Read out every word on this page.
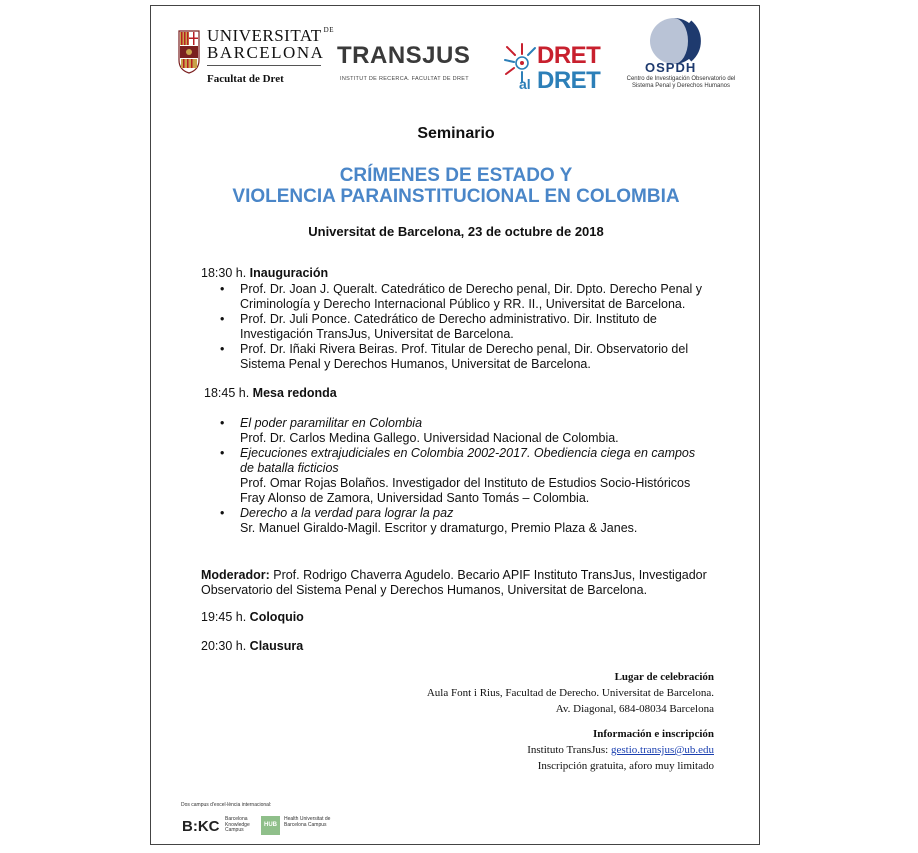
UNIVERSITAT $^{DE}$
BARCELONA
Facultat de Dret
TRANSJUS
INSTITUT DE RECERCA. FACULTAT DE DRET
DRET
al DRET	OSPDH
Centro de Investigación Observatorio del Sistema Penal y Derechos Humanos
Seminario
CRÍMENES DE ESTADO Y
VIOLENCIA PARAINSTITUCIONAL EN COLOMBIA
Universitat de Barcelona, 23 de octubre de 2018
18:30 h. Inauguración
• Prof. Dr. Joan J. Queralt. Catedrático de Derecho penal, Dir. Dpto. Derecho Penal y
Criminología y Derecho Internacional Público y RR. II., Universitat de Barcelona.
• Prof. Dr. Juli Ponce. Catedrático de Derecho administrativo. Dir. Instituto de
Investigación TransJus, Universitat de Barcelona.
• Prof. Dr. Iñaki Rivera Beiras. Prof. Titular de Derecho penal, Dir. Observatorio del
Sistema Penal y Derechos Humanos, Universitat de Barcelona.
18:45 h. Mesa redonda
• El poder paramilitar en Colombia
Prof. Dr. Carlos Medina Gallego. Universidad Nacional de Colombia.
• Ejecuciones extrajudiciales en Colombia 2002-2017. Obediencia ciega en campos
de batalla ficticios
Prof. Omar Rojas Bolaños. Investigador del Instituto de Estudios Socio-Históricos
Fray Alonso de Zamora, Universidad Santo Tomás – Colombia.
• Derecho a la verdad para lograr la paz
Sr. Manuel Giraldo-Magil. Escritor y dramaturgo, Premio Plaza & Janes.
Moderador: Prof. Rodrigo Chaverra Agudelo. Becario APIF Instituto TransJus, Investigador
Observatorio del Sistema Penal y Derechos Humanos, Universitat de Barcelona.
19:45 h. Coloquio
20:30 h. Clausura
Lugar de celebración
Aula Font i Rius, Facultad de Derecho. Universitat de Barcelona.
Av. Diagonal, 684-08034 Barcelona
Información e inscripción
Instituto TransJus: gestio.transjus@ub.edu
Inscripción gratuita, aforo muy limitado
Dos campus d'excel·lència internacional:
B:KC Barcelona Knowledge Campus
HUB
Health Universitat de Barcelona Campus
